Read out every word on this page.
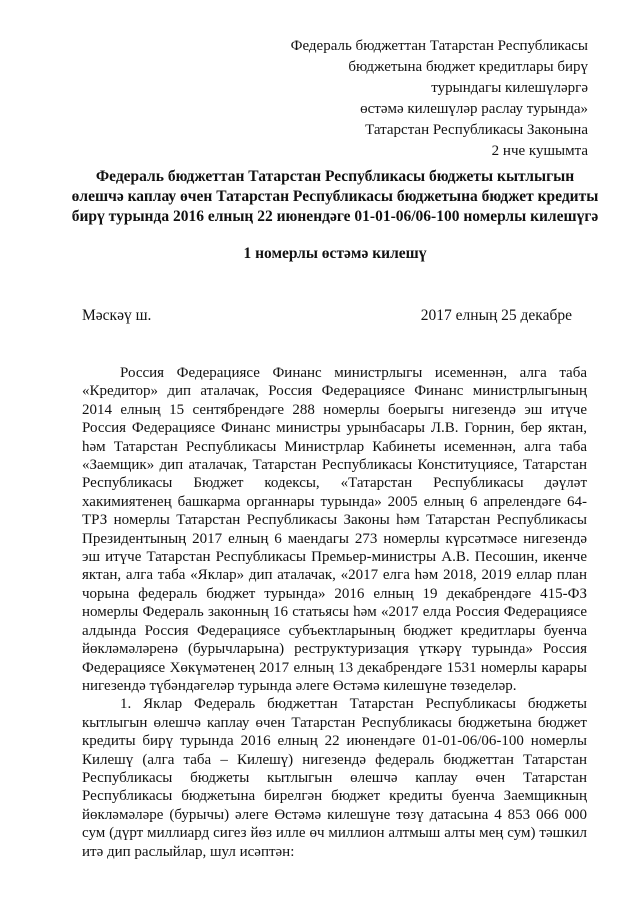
Федераль бюджеттан Татарстан Республикасы
бюджетына бюджет кредитлары бирү
турындагы килешүләргә
өстәмә килешүләр раслау турында»
Татарстан Республикасы Законына
2 нче кушымта
Федераль бюджеттан Татарстан Республикасы бюджеты кытлыгын өлешчә каплау өчен Татарстан Республикасы бюджетына бюджет кредиты бирү турында 2016 елның 22 июнендәге 01-01-06/06-100 номерлы килешүгә
1 номерлы өстәмә килешү
Мәскәү ш.	2017 елның 25 декабре

Россия Федерациясе Финанс министрлыгы исеменнән, алга таба «Кредитор» дип аталачак, Россия Федерациясе Финанс министрлыгының 2014 елның 15 сентябрендәге 288 номерлы боерыгы нигезендә эш итүче Россия Федерациясе Финанс министры урынбасары Л.В. Горнин, бер яктан, һәм Татарстан Республикасы Министрлар Кабинеты исеменнән, алга таба «Заемщик» дип аталачак, Татарстан Республикасы Конституциясе, Татарстан Республикасы Бюджет кодексы, «Татарстан Республикасы дәүләт хакимиятенең башкарма органнары турында» 2005 елның 6 апрелендәге 64-ТРЗ номерлы Татарстан Республикасы Законы һәм Татарстан Республикасы Президентының 2017 елның 6 маендагы 273 номерлы күрсәтмәсе нигезендә эш итүче Татарстан Республикасы Премьер-министры А.В. Песошин, икенче яктан, алга таба «Яклар» дип аталачак, «2017 елга һәм 2018, 2019 еллар план чорына федераль бюджет турында» 2016 елның 19 декабрендәге 415-ФЗ номерлы Федераль законның 16 статьясы һәм «2017 елда Россия Федерациясе алдында Россия Федерациясе субъектларының бюджет кредитлары буенча йөкләмәләренә (бурычларына) реструктуризация үткәрү турында» Россия Федерациясе Хөкүмәтенең 2017 елның 13 декабрендәге 1531 номерлы карары нигезендә түбәндәгеләр турында әлеге Өстәмә килешүне төзеделәр.

1. Яклар Федераль бюджеттан Татарстан Республикасы бюджеты кытлыгын өлешчә каплау өчен Татарстан Республикасы бюджетына бюджет кредиты бирү турында 2016 елның 22 июнендәге 01-01-06/06-100 номерлы Килешү (алга таба – Килешү) нигезендә федераль бюджеттан Татарстан Республикасы бюджеты кытлыгын өлешчә каплау өчен Татарстан Республикасы бюджетына бирелгән бюджет кредиты буенча Заемщикның йөкләмәләре (бурычы) әлеге Өстәмә килешүне төзү датасына 4 853 066 000 сум (дүрт миллиард сигез йөз илле өч миллион алтмыш алты мең сум) тәшкил итә дип раслыйлар, шул исәптән:
